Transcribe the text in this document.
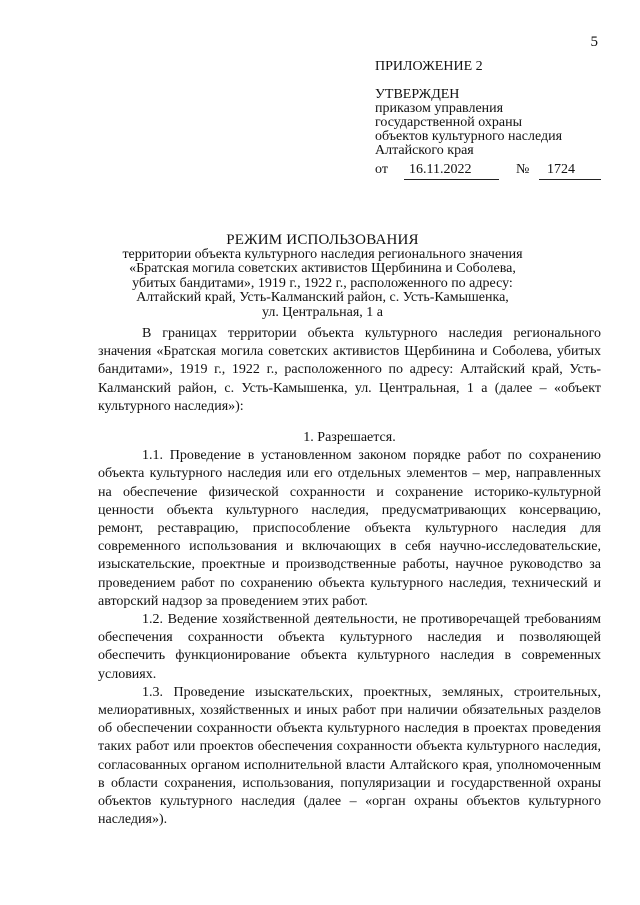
5
ПРИЛОЖЕНИЕ 2
УТВЕРЖДЕН
приказом управления
государственной охраны
объектов культурного наследия
Алтайского края
от 16.11.2022	№ 1724
РЕЖИМ ИСПОЛЬЗОВАНИЯ
территории объекта культурного наследия регионального значения
«Братская могила советских активистов Щербинина и Соболева,
убитых бандитами», 1919 г., 1922 г., расположенного по адресу:
Алтайский край, Усть-Калманский район, с. Усть-Камышенка,
ул. Центральная, 1 а

В границах территории объекта культурного наследия регионального значения «Братская могила советских активистов Щербинина и Соболева, убитых бандитами», 1919 г., 1922 г., расположенного по адресу: Алтайский край, Усть-Калманский район, с. Усть-Камышенка, ул. Центральная, 1 а (далее – «объект культурного наследия»):

1. Разрешается.

1.1. Проведение в установленном законом порядке работ по сохранению объекта культурного наследия или его отдельных элементов – мер, направленных на обеспечение физической сохранности и сохранение историко-культурной ценности объекта культурного наследия, предусматривающих консервацию, ремонт, реставрацию, приспособление объекта культурного наследия для современного использования и включающих в себя научно-исследовательские, изыскательские, проектные и производственные работы, научное руководство за проведением работ по сохранению объекта культурного наследия, технический и авторский надзор за проведением этих работ.

1.2. Ведение хозяйственной деятельности, не противоречащей требованиям обеспечения сохранности объекта культурного наследия и позволяющей обеспечить функционирование объекта культурного наследия в современных условиях.

1.3. Проведение изыскательских, проектных, земляных, строительных, мелиоративных, хозяйственных и иных работ при наличии обязательных разделов об обеспечении сохранности объекта культурного наследия в проектах проведения таких работ или проектов обеспечения сохранности объекта культурного наследия, согласованных органом исполнительной власти Алтайского края, уполномоченным в области сохранения, использования, популяризации и государственной охраны объектов культурного наследия (далее – «орган охраны объектов культурного наследия»).
